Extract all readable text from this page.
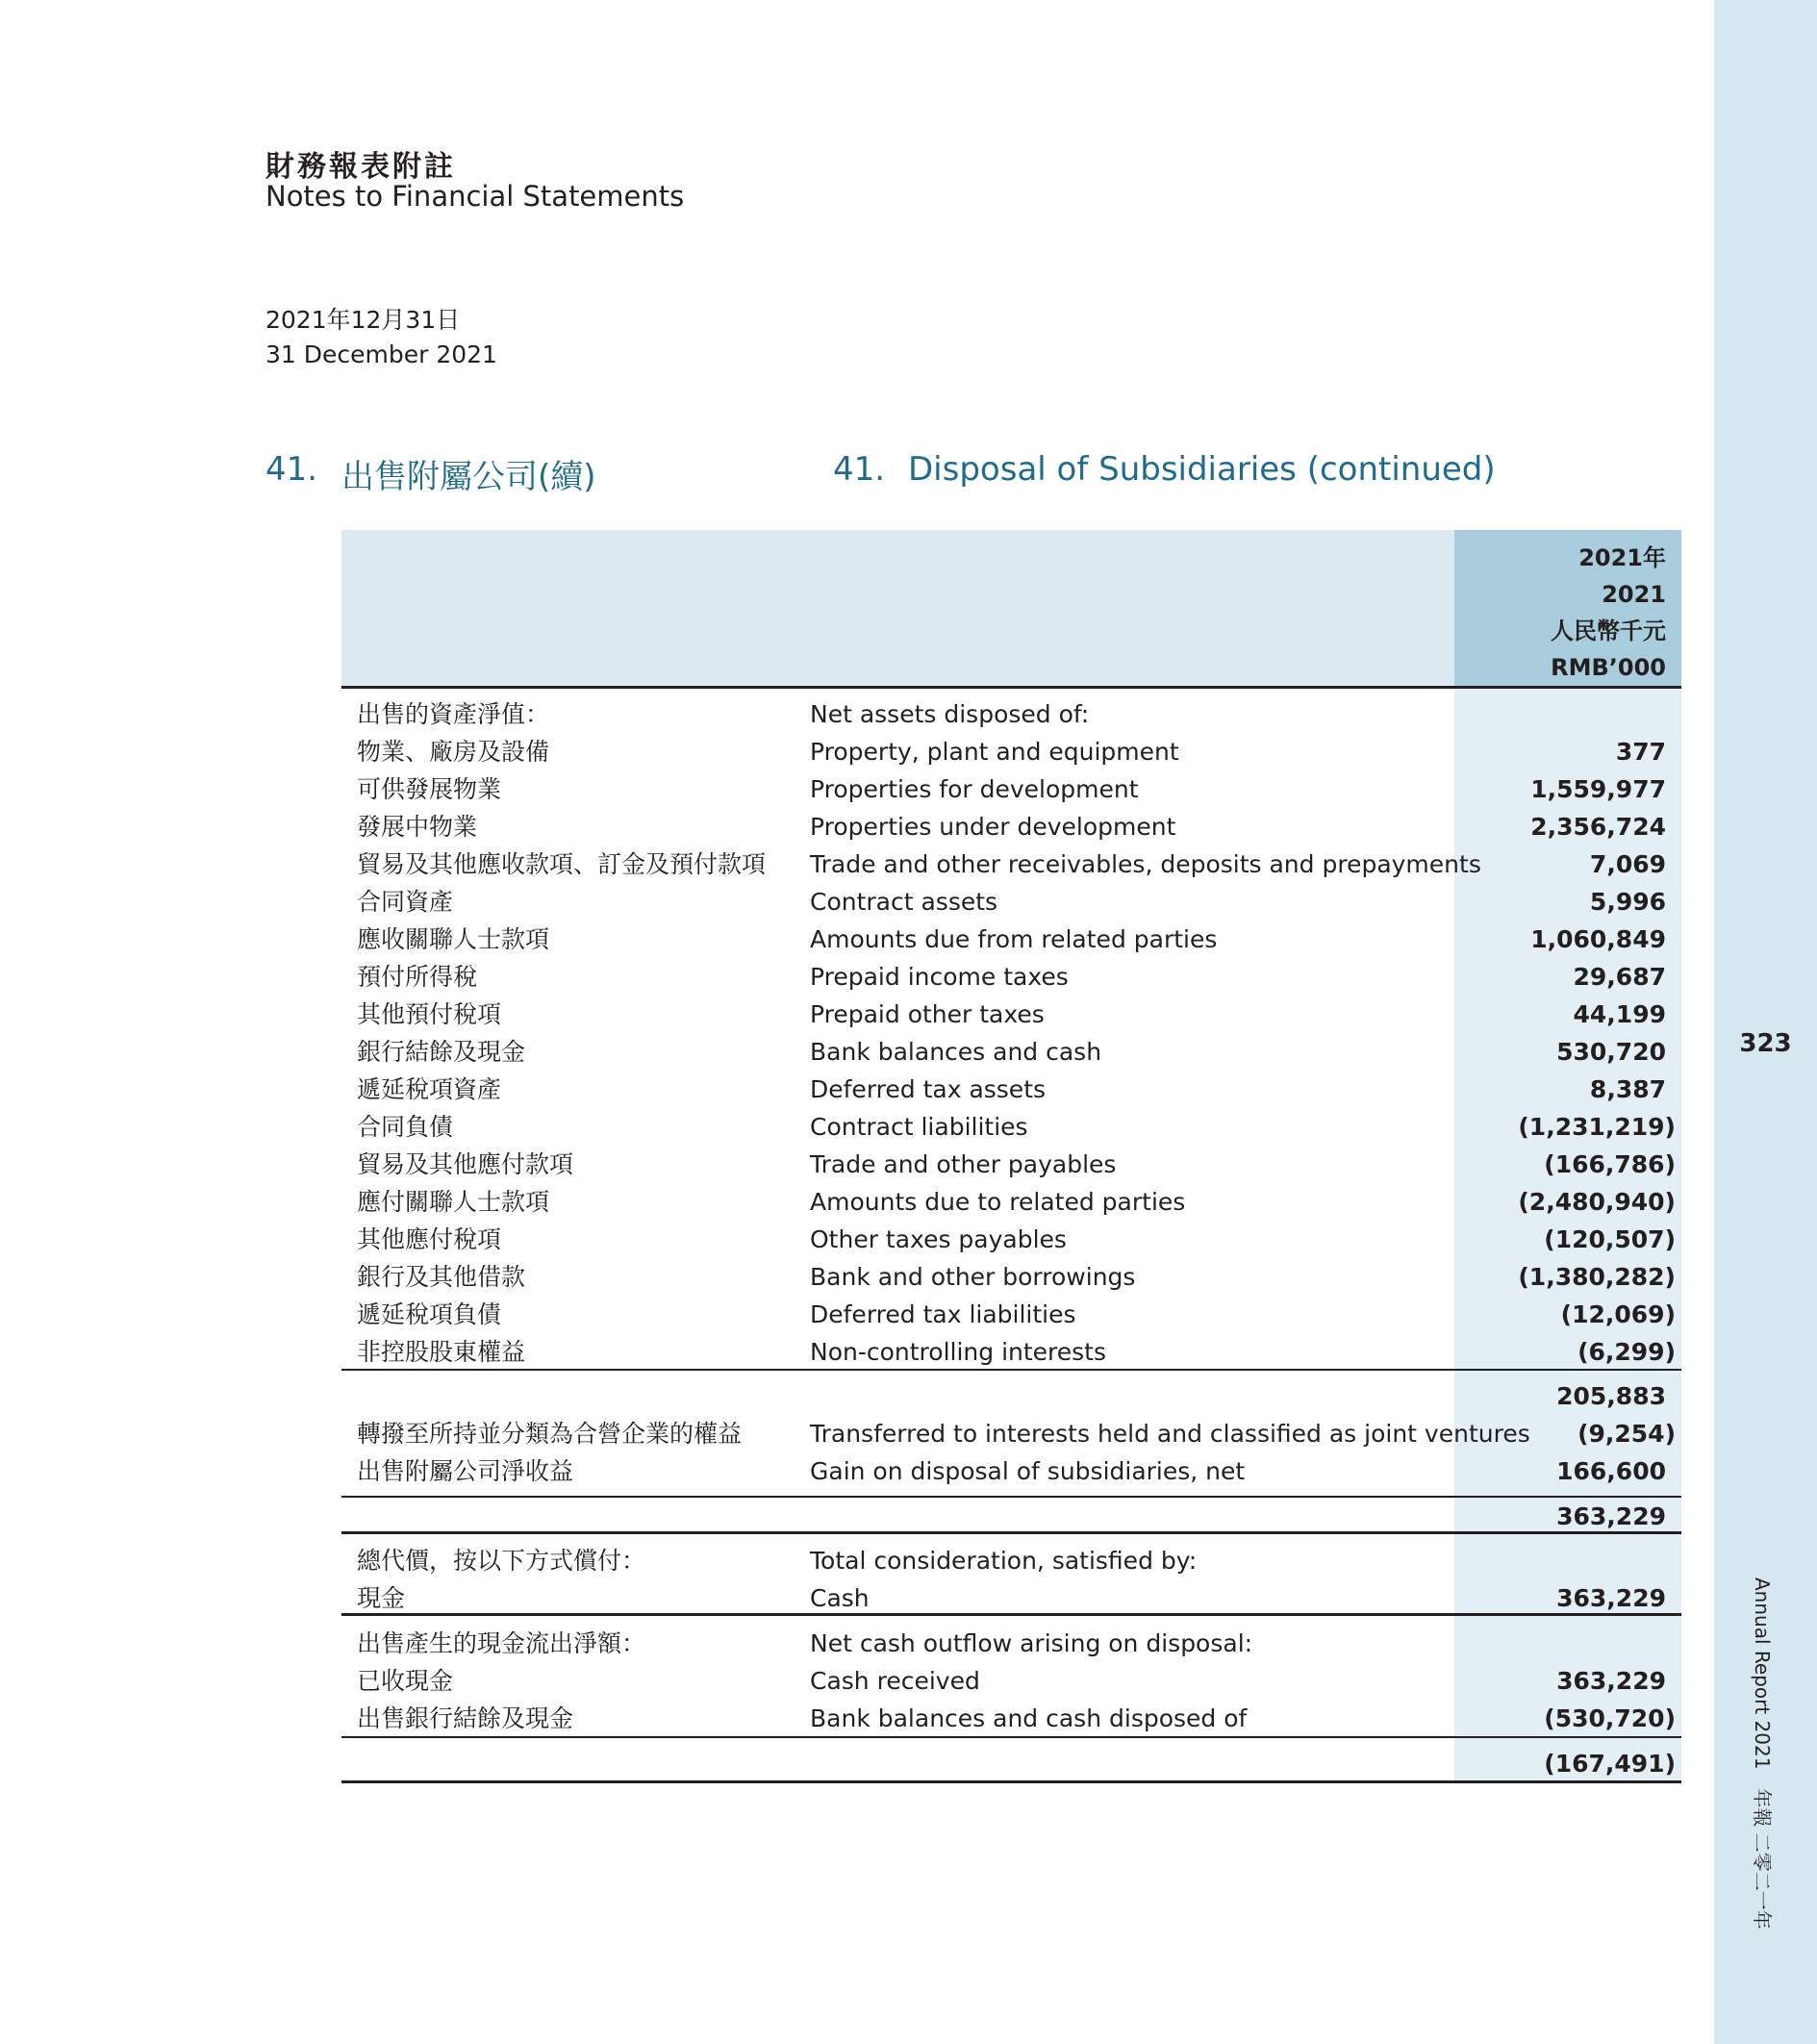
323
Annual Report 2021　年報 二零二一年
財務報表附註
Notes to Financial Statements
2021年12月31日
31 December 2021
41. 出售附屬公司(續)	41. Disposal of Subsidiaries (continued)
2021年
2021
人民幣千元
RMB’000
出售的資產淨值：	Net assets disposed of:
物業、廠房及設備	Property, plant and equipment	377
可供發展物業	Properties for development	1,559,977
發展中物業	Properties under development	2,356,724
貿易及其他應收款項、訂金及預付款項 Trade and other receivables, deposits and prepayments	7,069
合同資產	Contract assets	5,996
應收關聯人士款項	Amounts due from related parties	1,060,849
預付所得稅	Prepaid income taxes	29,687
其他預付稅項	Prepaid other taxes	44,199
銀行結餘及現金	Bank balances and cash	530,720
遞延稅項資產	Deferred tax assets	8,387
合同負債	Contract liabilities	(1,231,219)
貿易及其他應付款項	Trade and other payables	(166,786)
應付關聯人士款項	Amounts due to related parties	(2,480,940)
其他應付稅項	Other taxes payables	(120,507)
銀行及其他借款	Bank and other borrowings	(1,380,282)
遞延稅項負債	Deferred tax liabilities	(12,069)
非控股股東權益	Non-controlling interests	(6,299)
205,883
轉撥至所持並分類為合營企業的權益	Transferred to interests held and classified as joint ventures	(9,254)
出售附屬公司淨收益	Gain on disposal of subsidiaries, net	166,600
363,229
總代價，按以下方式償付：	Total consideration, satisfied by:
現金	Cash	363,229
出售產生的現金流出淨額：	Net cash outflow arising on disposal:
已收現金	Cash received	363,229
出售銀行結餘及現金	Bank balances and cash disposed of	(530,720)
(167,491)
